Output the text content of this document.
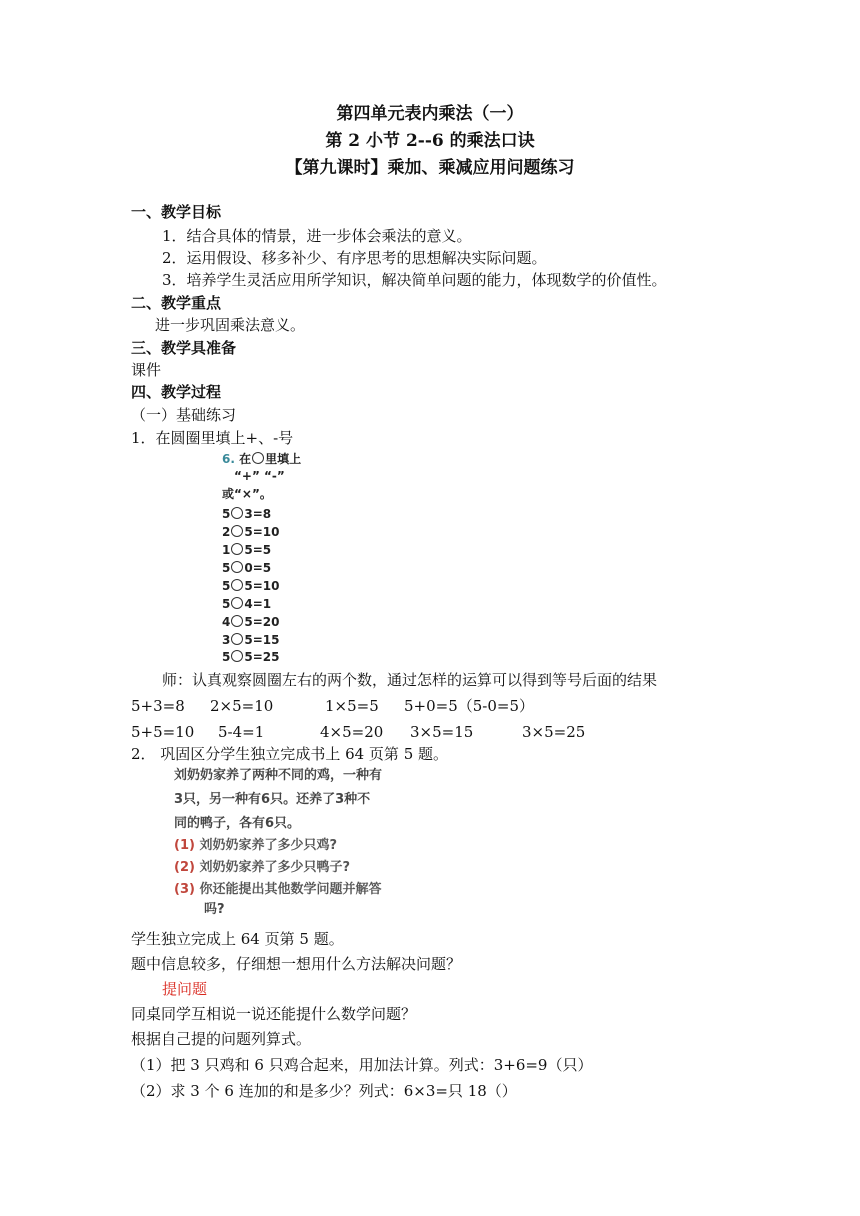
第四单元表内乘法（一）
第 2 小节 2--6 的乘法口诀
【第九课时】乘加、乘减应用问题练习
一、教学目标
1．结合具体的情景，进一步体会乘法的意义。
2．运用假设、移多补少、有序思考的思想解决实际问题。
3．培养学生灵活应用所学知识，解决简单问题的能力，体现数学的价值性。
二、教学重点
进一步巩固乘法意义。
三、教学具准备
课件
四、教学过程
（一）基础练习
1．在圆圈里填上+、-号
6. 在 里填上
“+” “-”
或“×”。
5 3=8
2 5=10
1 5=5
5 0=5
5 5=10
5 4=1
4 5=20
3 5=15
5 5=25
师：认真观察圆圈左右的两个数，通过怎样的运算可以得到等号后面的结果
5+3=8 2×5=10	1×5=5 5+0=5（5-0=5）
5+5=10 5-4=1	4×5=20 3×5=15	3×5=25
2． 巩固区分学生独立完成书上 64 页第 5 题。
刘奶奶家养了两种不同的鸡，一种有
3只，另一种有6只。还养了3种不
同的鸭子，各有6只。
(1) 刘奶奶家养了多少只鸡?
(2) 刘奶奶家养了多少只鸭子?
(3) 你还能提出其他数学问题并解答
吗?
学生独立完成上 64 页第 5 题。
题中信息较多，仔细想一想用什么方法解决问题？
提问题
同桌同学互相说一说还能提什么数学问题？
根据自己提的问题列算式。
（1）把 3 只鸡和 6 只鸡合起来，用加法计算。列式：3+6=9（只）
（2）求 3 个 6 连加的和是多少？列式：6×3=只 18（）
